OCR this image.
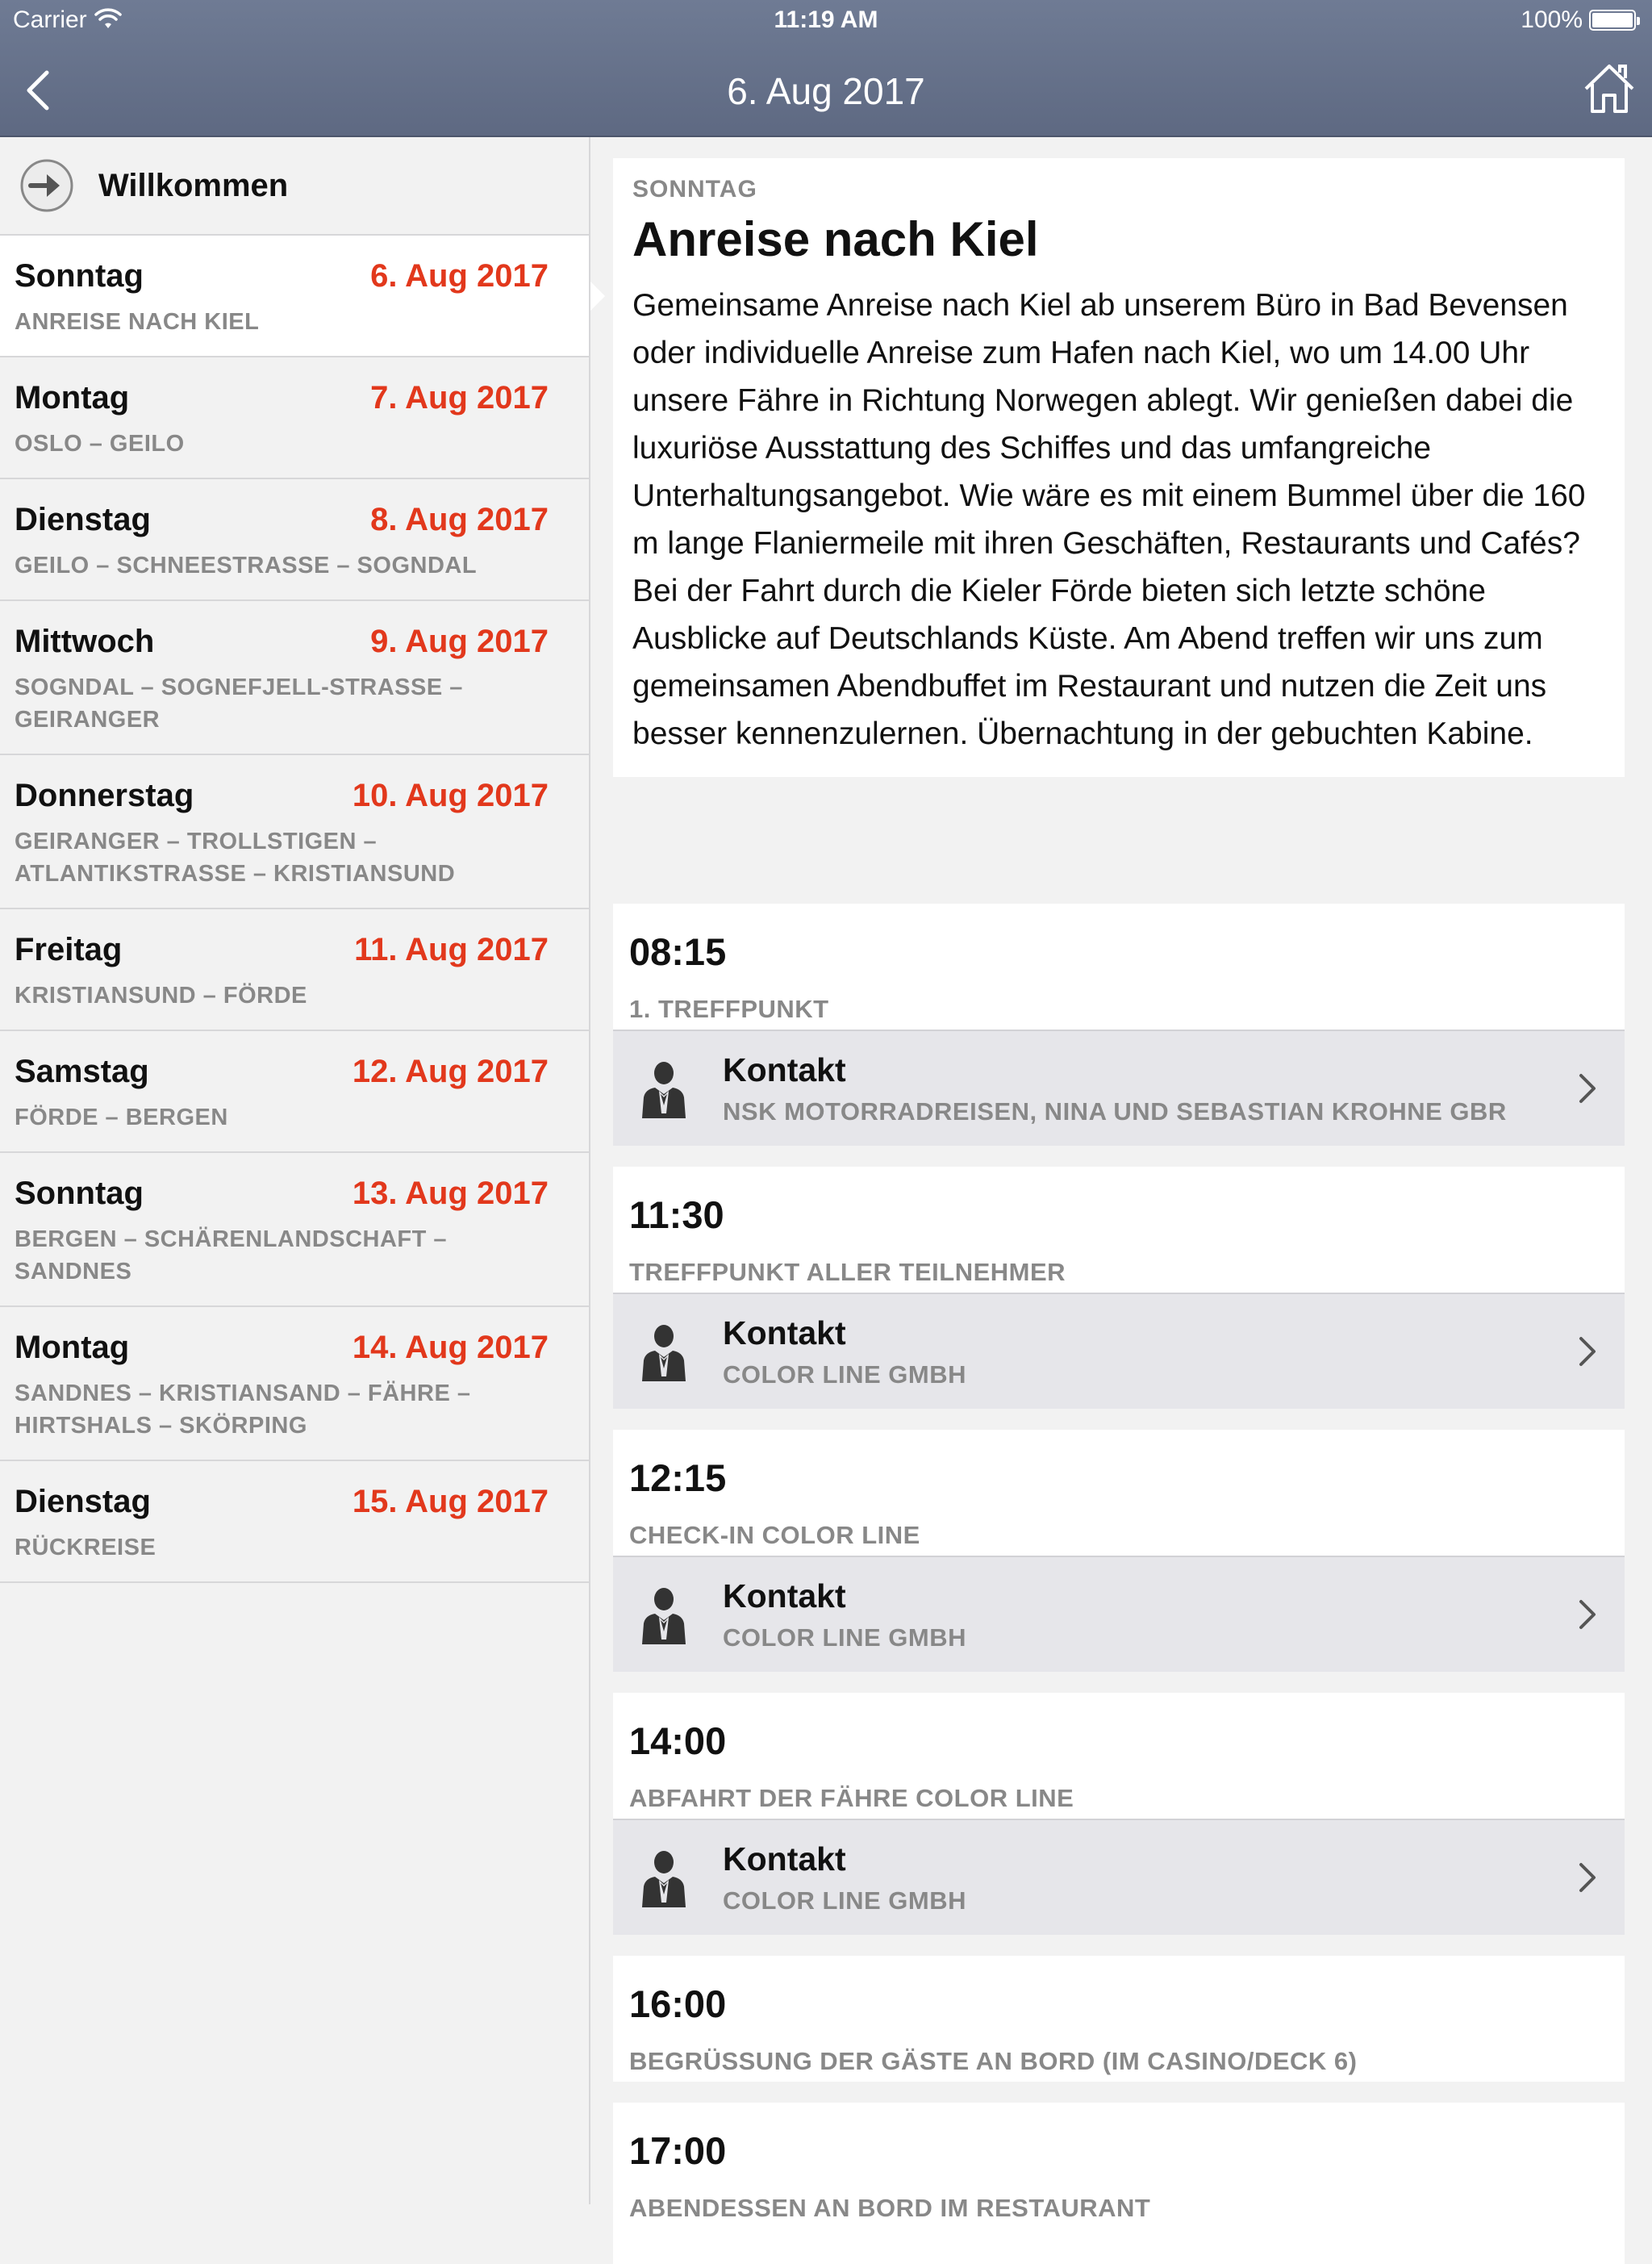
Carrier	11:19 AM	100%
6. Aug 2017
Willkommen
Sonntag	6. Aug 2017
ANREISE NACH KIEL
Montag	7. Aug 2017
OSLO – GEILO
Dienstag	8. Aug 2017
GEILO – SCHNEESTRASSE – SOGNDAL
Mittwoch	9. Aug 2017
SOGNDAL – SOGNEFJELL-STRASSE – GEIRANGER
Donnerstag	10. Aug 2017
GEIRANGER – TROLLSTIGEN – ATLANTIKSTRASSE – KRISTIANSUND
Freitag	11. Aug 2017
KRISTIANSUND – FÖRDE
Samstag	12. Aug 2017
FÖRDE – BERGEN
Sonntag	13. Aug 2017
BERGEN – SCHÄRENLANDSCHAFT – SANDNES
Montag	14. Aug 2017
SANDNES – KRISTIANSAND – FÄHRE – HIRTSHALS – SKÖRPING
Dienstag	15. Aug 2017
RÜCKREISE
SONNTAG
Anreise nach Kiel
Gemeinsame Anreise nach Kiel ab unserem Büro in Bad Bevensen oder individuelle Anreise zum Hafen nach Kiel, wo um 14.00 Uhr unsere Fähre in Richtung Norwegen ablegt. Wir genießen dabei die luxuriöse Ausstattung des Schiffes und das umfangreiche Unterhaltungsangebot. Wie wäre es mit einem Bummel über die 160 m lange Flaniermeile mit ihren Geschäften, Restaurants und Cafés? Bei der Fahrt durch die Kieler Förde bieten sich letzte schöne Ausblicke auf Deutschlands Küste. Am Abend treffen wir uns zum gemeinsamen Abendbuffet im Restaurant und nutzen die Zeit uns besser kennenzulernen. Übernachtung in der gebuchten Kabine.
08:15
1. TREFFPUNKT
Kontakt
NSK MOTORRADREISEN, NINA UND SEBASTIAN KROHNE GBR
11:30
TREFFPUNKT ALLER TEILNEHMER
Kontakt
COLOR LINE GMBH
12:15
CHECK-IN COLOR LINE
Kontakt
COLOR LINE GMBH
14:00
ABFAHRT DER FÄHRE COLOR LINE
Kontakt
COLOR LINE GMBH
16:00
BEGRÜSSUNG DER GÄSTE AN BORD (IM CASINO/DECK 6)
17:00
ABENDESSEN AN BORD IM RESTAURANT
